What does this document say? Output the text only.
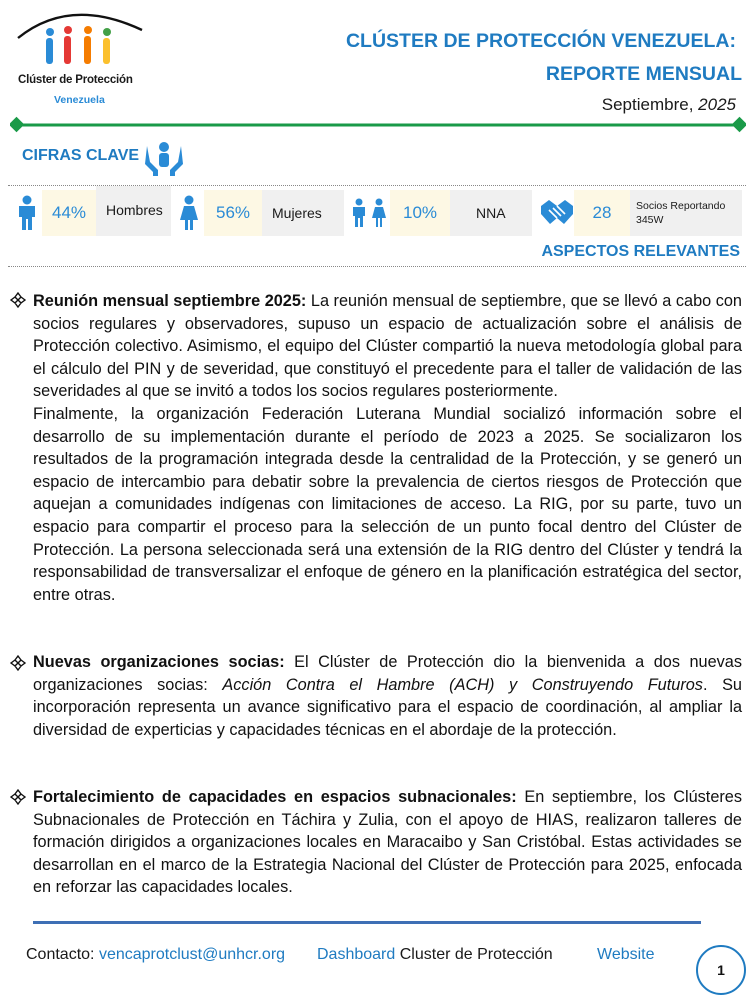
Clúster de Protección
Venezuela
CLÚSTER DE PROTECCIÓN VENEZUELA:
REPORTE MENSUAL
Septiembre, 2025
CIFRAS CLAVE
44%	Hombres	56%	Mujeres	10%	NNA	28	Socios Reportando
345W
ASPECTOS RELEVANTES
Reunión mensual septiembre 2025: La reunión mensual de septiembre, que se llevó a cabo con socios regulares y observadores, supuso un espacio de actualización sobre el análisis de Protección colectivo. Asimismo, el equipo del Clúster compartió la nueva metodología global para el cálculo del PIN y de severidad, que constituyó el precedente para el taller de validación de las severidades al que se invitó a todos los socios regulares posteriormente.
Finalmente, la organización Federación Luterana Mundial socializó información sobre el desarrollo de su implementación durante el período de 2023 a 2025. Se socializaron los resultados de la programación integrada desde la centralidad de la Protección, y se generó un espacio de intercambio para debatir sobre la prevalencia de ciertos riesgos de Protección que aquejan a comunidades indígenas con limitaciones de acceso. La RIG, por su parte, tuvo un espacio para compartir el proceso para la selección de un punto focal dentro del Clúster de Protección. La persona seleccionada será una extensión de la RIG dentro del Clúster y tendrá la responsabilidad de transversalizar el enfoque de género en la planificación estratégica del sector, entre otras.
Nuevas organizaciones socias: El Clúster de Protección dio la bienvenida a dos nuevas organizaciones socias: Acción Contra el Hambre (ACH) y Construyendo Futuros. Su incorporación representa un avance significativo para el espacio de coordinación, al ampliar la diversidad de experticias y capacidades técnicas en el abordaje de la protección.
Fortalecimiento de capacidades en espacios subnacionales: En septiembre, los Clústeres Subnacionales de Protección en Táchira y Zulia, con el apoyo de HIAS, realizaron talleres de formación dirigidos a organizaciones locales en Maracaibo y San Cristóbal. Estas actividades se desarrollan en el marco de la Estrategia Nacional del Clúster de Protección para 2025, enfocada en reforzar las capacidades locales.
Contacto: vencaprotclust@unhcr.org Dashboard Cluster de Protección	Website
1
